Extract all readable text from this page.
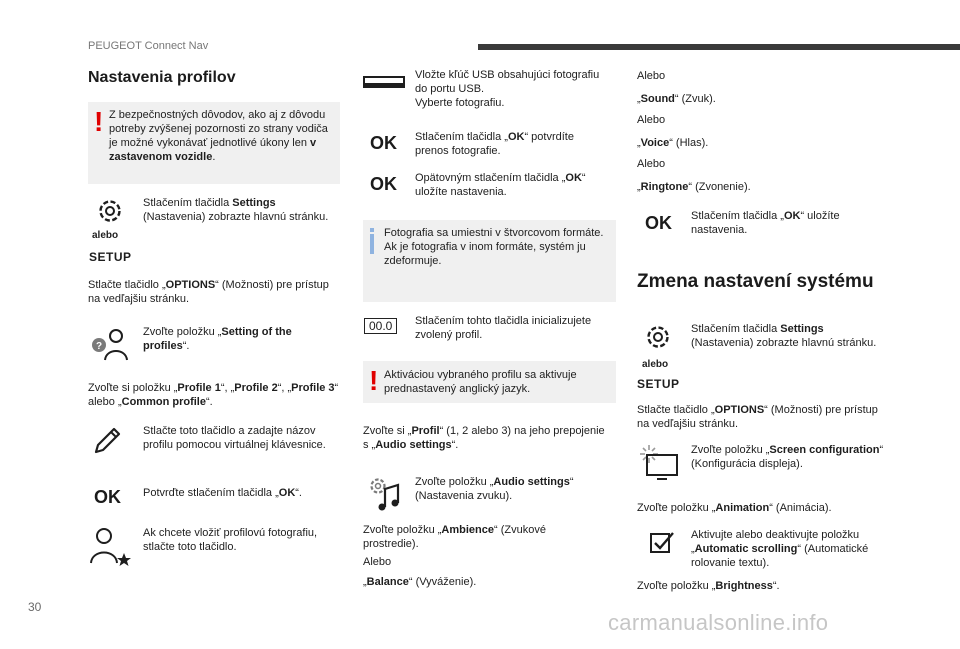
PEUGEOT Connect Nav
30
carmanualsonline.info
Nastavenia profilov
! Z bezpečnostných dôvodov, ako aj z dôvodu potreby zvýšenej pozornosti zo strany vodiča je možné vykonávať jednotlivé úkony len v zastavenom vozidle.
alebo
SETUP
Stlačením tlačidla Settings (Nastavenia) zobrazte hlavnú stránku.
Stlačte tlačidlo „OPTIONS“ (Možnosti) pre prístup na vedľajšiu stránku.
?
Zvoľte položku „Setting of the profiles“.
Zvoľte si položku „Profile 1“, „Profile 2“, „Profile 3“ alebo „Common profile“.
Stlačte toto tlačidlo a zadajte názov profilu pomocou virtuálnej klávesnice.
OK Potvrďte stlačením tlačidla „OK“.
Ak chcete vložiť profilovú fotografiu, stlačte toto tlačidlo.
Vložte kľúč USB obsahujúci fotografiu do portu USB.
Vyberte fotografiu.
OK Stlačením tlačidla „OK“ potvrdíte prenos fotografie.
OK Opätovným stlačením tlačidla „OK“ uložíte nastavenia.
Fotografia sa umiestni v štvorcovom formáte. Ak je fotografia v inom formáte, systém ju zdeformuje.
00.0	Stlačením tohto tlačidla inicializujete zvolený profil.
! Aktiváciou vybraného profilu sa aktivuje prednastavený anglický jazyk.
Zvoľte si „Profil“ (1, 2 alebo 3) na jeho prepojenie s „Audio settings“.
Zvoľte položku „Audio settings“ (Nastavenia zvuku).
Zvoľte položku „Ambience“ (Zvukové prostredie).
Alebo
„Balance“ (Vyváženie).
Alebo
„Sound“ (Zvuk).
Alebo
„Voice“ (Hlas).
Alebo
„Ringtone“ (Zvonenie).
OK Stlačením tlačidla „OK“ uložíte nastavenia.
Zmena nastavení systému
alebo
SETUP
Stlačením tlačidla Settings (Nastavenia) zobrazte hlavnú stránku.
Stlačte tlačidlo „OPTIONS“ (Možnosti) pre prístup na vedľajšiu stránku.
Zvoľte položku „Screen configuration“ (Konfigurácia displeja).
Zvoľte položku „Animation“ (Animácia).
Aktivujte alebo deaktivujte položku „Automatic scrolling“ (Automatické rolovanie textu).
Zvoľte položku „Brightness“.
